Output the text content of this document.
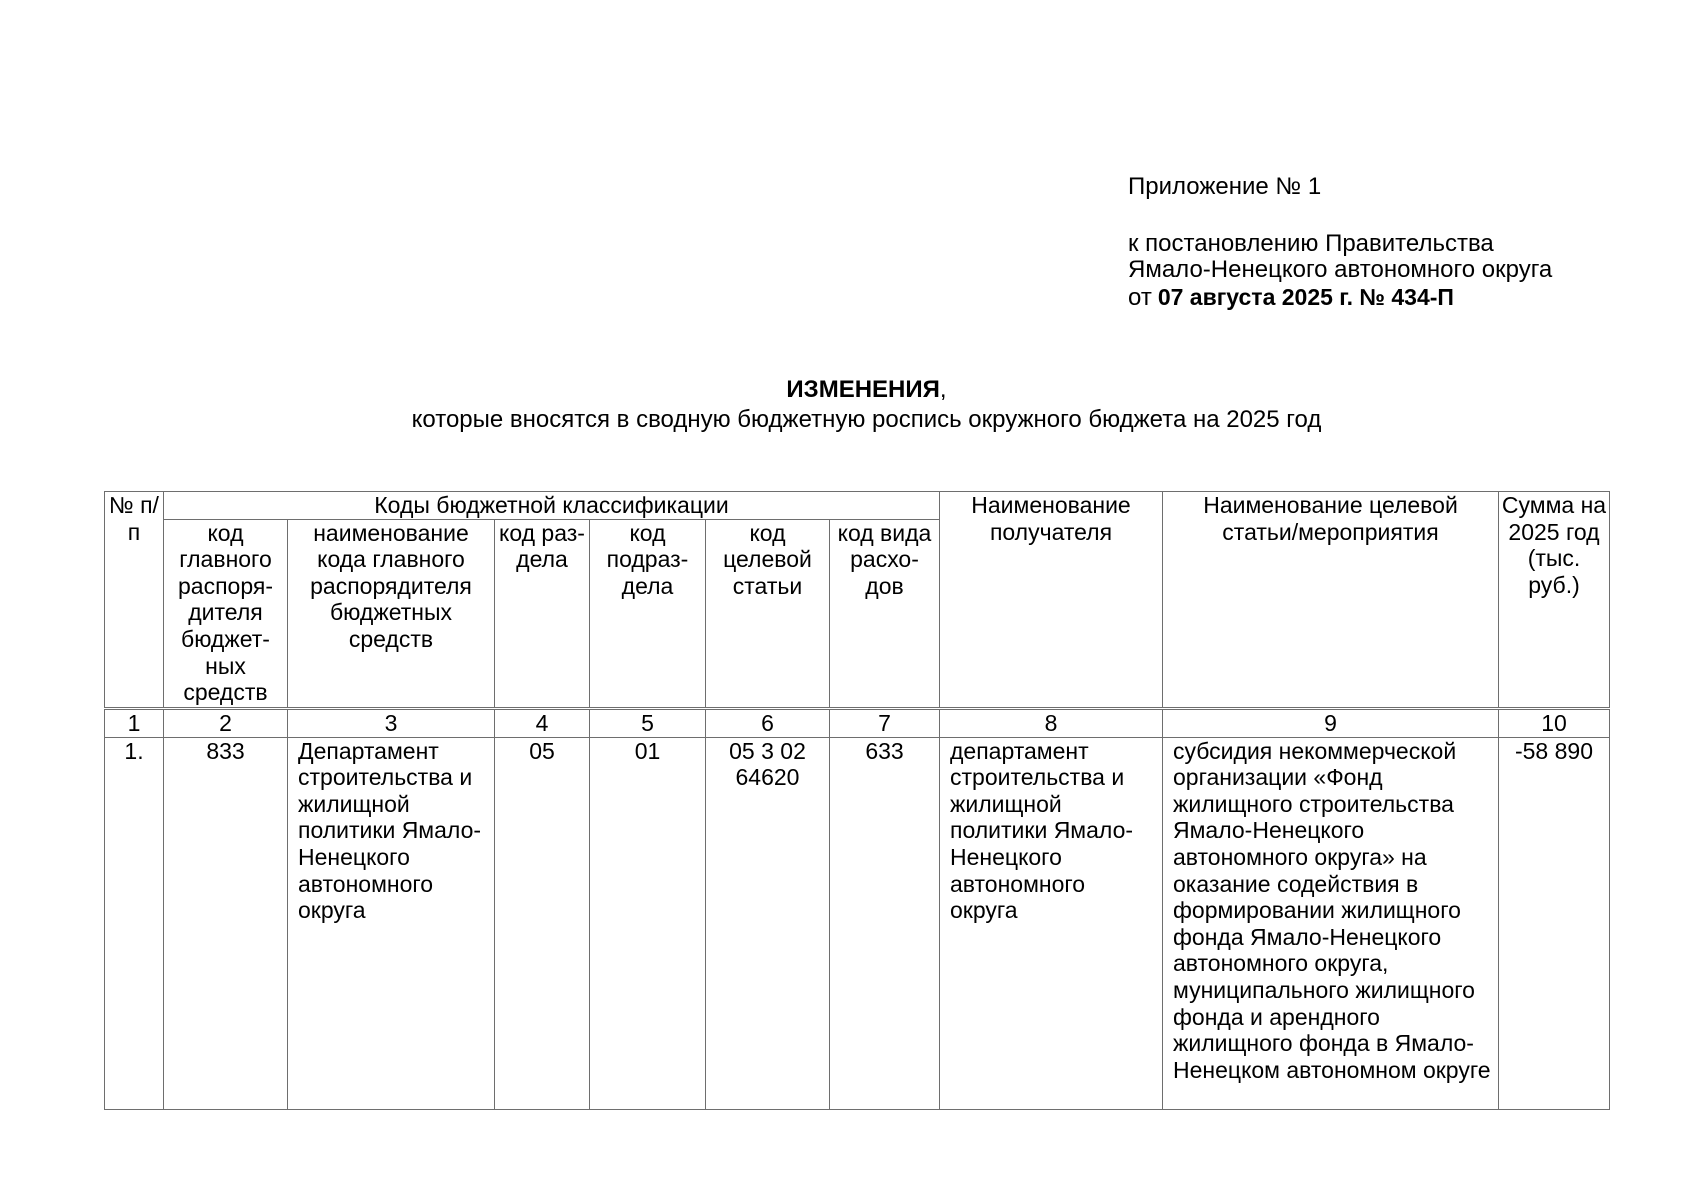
Приложение № 1
к постановлению Правительства
Ямало-Ненецкого автономного округа
от 07 августа 2025 г. № 434-П
ИЗМЕНЕНИЯ,
которые вносятся в сводную бюджетную роспись окружного бюджета на 2025 год
№ п/п	Коды бюджетной классификации						Наименование получателя	Наименование целевой статьи/мероприятия	Сумма на 2025 год (тыс. руб.)
	код главного распоря-дителя бюджет-ных средств	наименование кода главного распорядителя бюджетных средств	код раз-дела	код подраз-дела	код целевой статьи	код вида расхо-дов			
1	2	3	4	5	6	7	8	9	10
1.	833	Департамент строительства и жилищной политики Ямало-Ненецкого автономного округа	05	01	05 3 02 64620	633	департамент строительства и жилищной политики Ямало-Ненецкого автономного округа	субсидия некоммерческой организации «Фонд жилищного строительства Ямало-Ненецкого автономного округа» на оказание содействия в формировании жилищного фонда Ямало-Ненецкого автономного округа, муниципального жилищного фонда и арендного жилищного фонда в Ямало-Ненецком автономном округе	-58 890
